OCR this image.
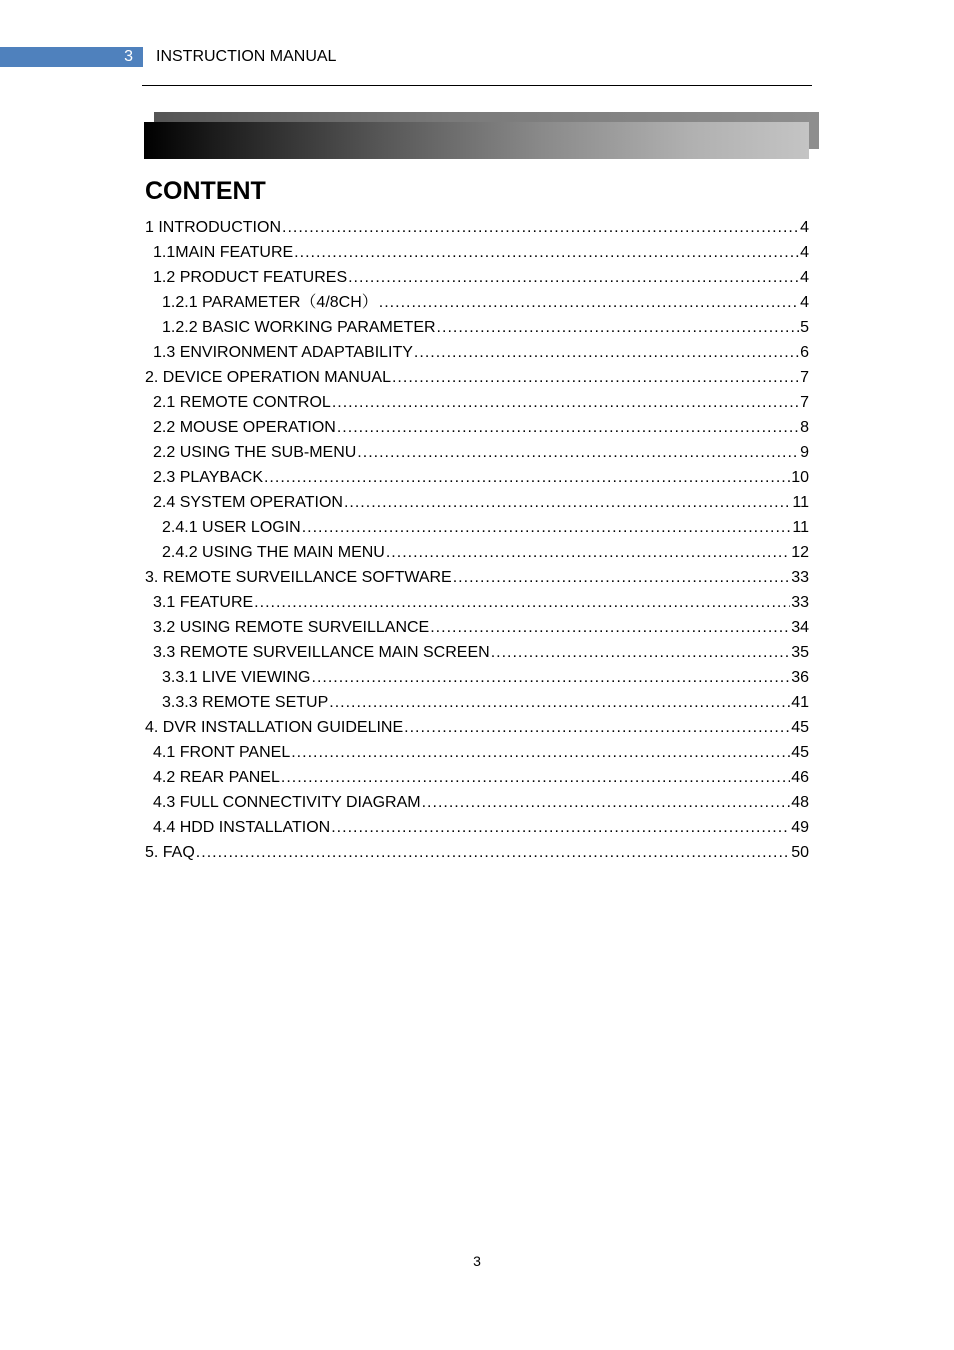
3 INSTRUCTION MANUAL
CONTENT
1 INTRODUCTION .....	4
1.1MAIN FEATURE .....	4
1.2 PRODUCT FEATURES .....	4
1.2.1 PARAMETER（4/8CH） .....	4
1.2.2 BASIC WORKING PARAMETER .....	5
1.3 ENVIRONMENT ADAPTABILITY .....	6
2. DEVICE OPERATION MANUAL .....	7
2.1 REMOTE CONTROL .....	7
2.2 MOUSE OPERATION .....	8
2.2 USING THE SUB-MENU .....	9
2.3 PLAYBACK .....	10
2.4 SYSTEM OPERATION .....	11
2.4.1 USER LOGIN .....	11
2.4.2 USING THE MAIN MENU .....	12
3. REMOTE SURVEILLANCE SOFTWARE .....	33
3.1 FEATURE .....	33
3.2 USING REMOTE SURVEILLANCE .....	34
3.3 REMOTE SURVEILLANCE MAIN SCREEN .....	35
3.3.1 LIVE VIEWING .....	36
3.3.3 REMOTE SETUP .....	41
4. DVR INSTALLATION GUIDELINE .....	45
4.1 FRONT PANEL .....	45
4.2 REAR PANEL .....	46
4.3 FULL CONNECTIVITY DIAGRAM .....	48
4.4 HDD INSTALLATION .....	49
5. FAQ .....	50
3
